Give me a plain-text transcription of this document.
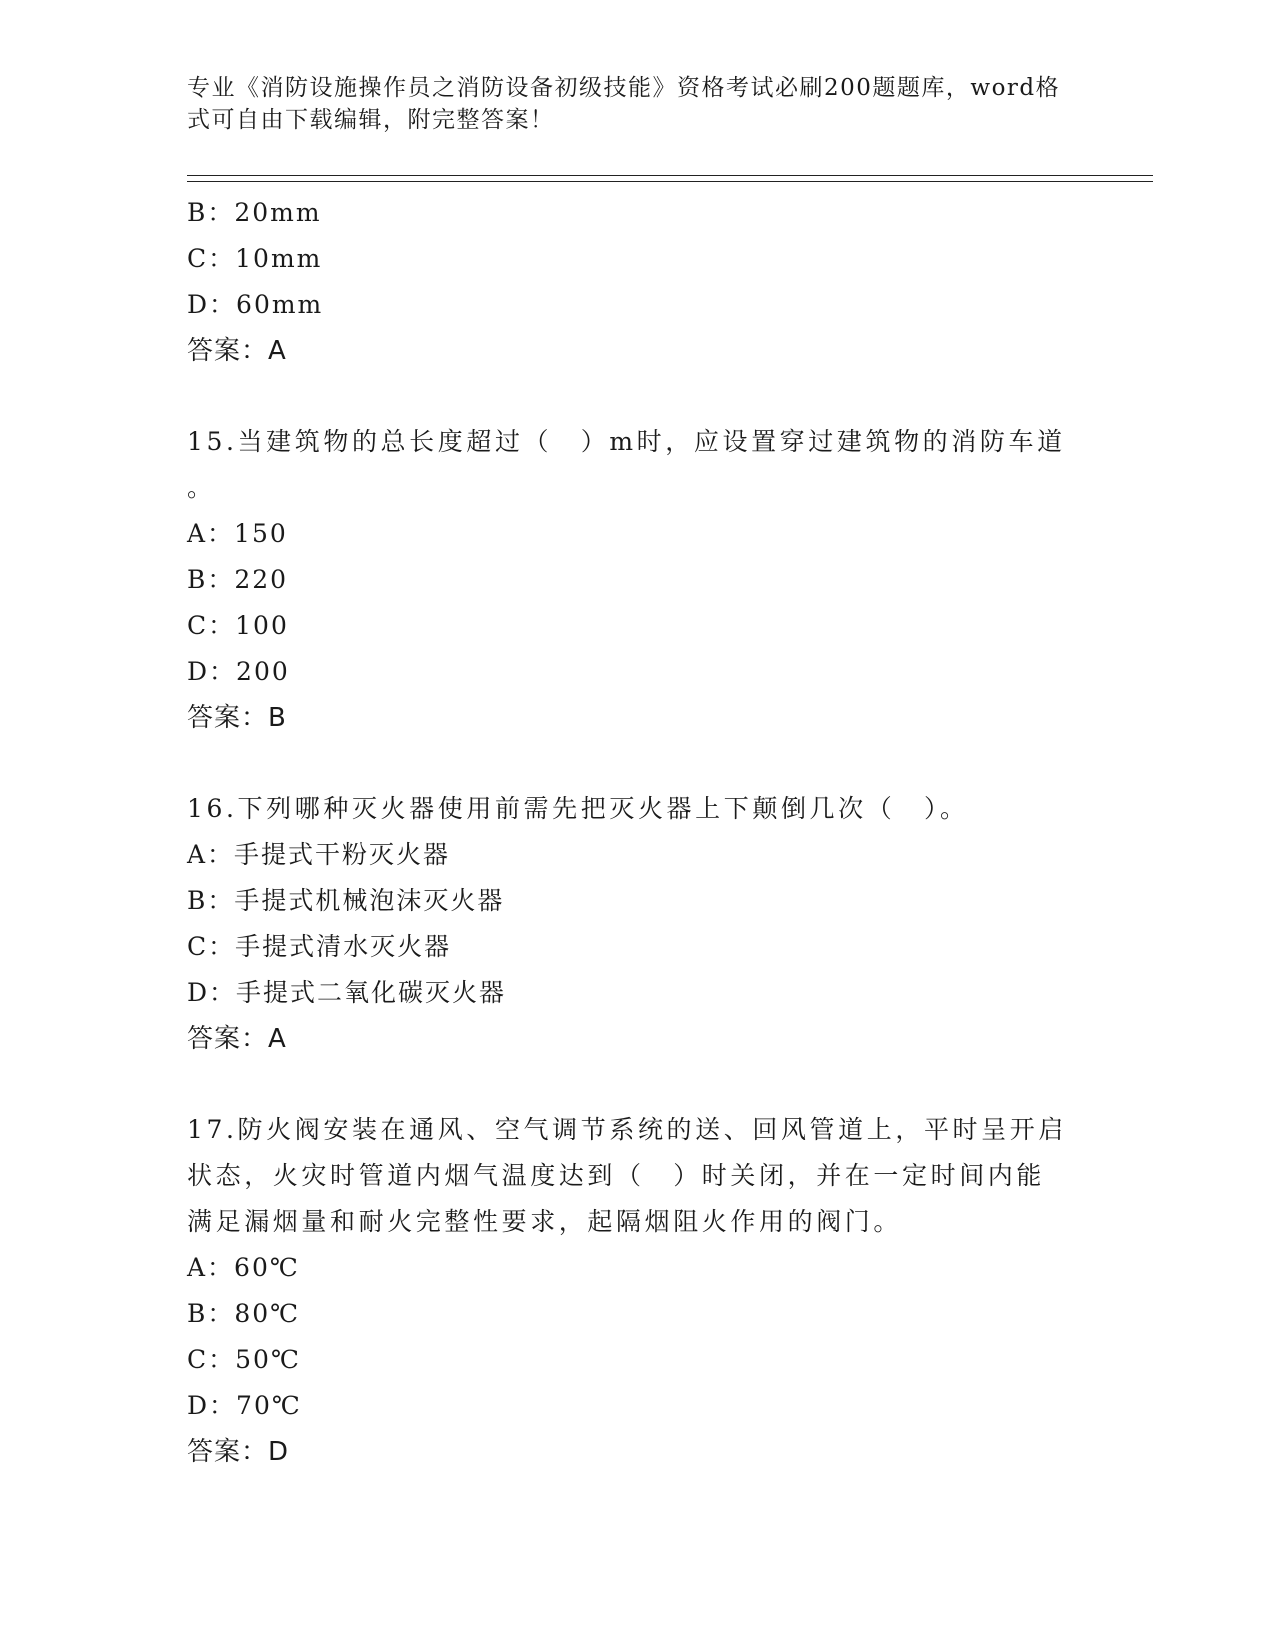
专业《消防设施操作员之消防设备初级技能》资格考试必刷200题题库，word格
式可自由下载编辑，附完整答案！
B：20mm
C：10mm
D：60mm
答案：A
15.当建筑物的总长度超过（　）m时，应设置穿过建筑物的消防车道
。
A：150
B：220
C：100
D：200
答案：B
16.下列哪种灭火器使用前需先把灭火器上下颠倒几次（　）。
A：手提式干粉灭火器
B：手提式机械泡沫灭火器
C：手提式清水灭火器
D：手提式二氧化碳灭火器
答案：A
17.防火阀安装在通风、空气调节系统的送、回风管道上，平时呈开启
状态，火灾时管道内烟气温度达到（　）时关闭，并在一定时间内能
满足漏烟量和耐火完整性要求，起隔烟阻火作用的阀门。
A：60℃
B：80℃
C：50℃
D：70℃
答案：D
